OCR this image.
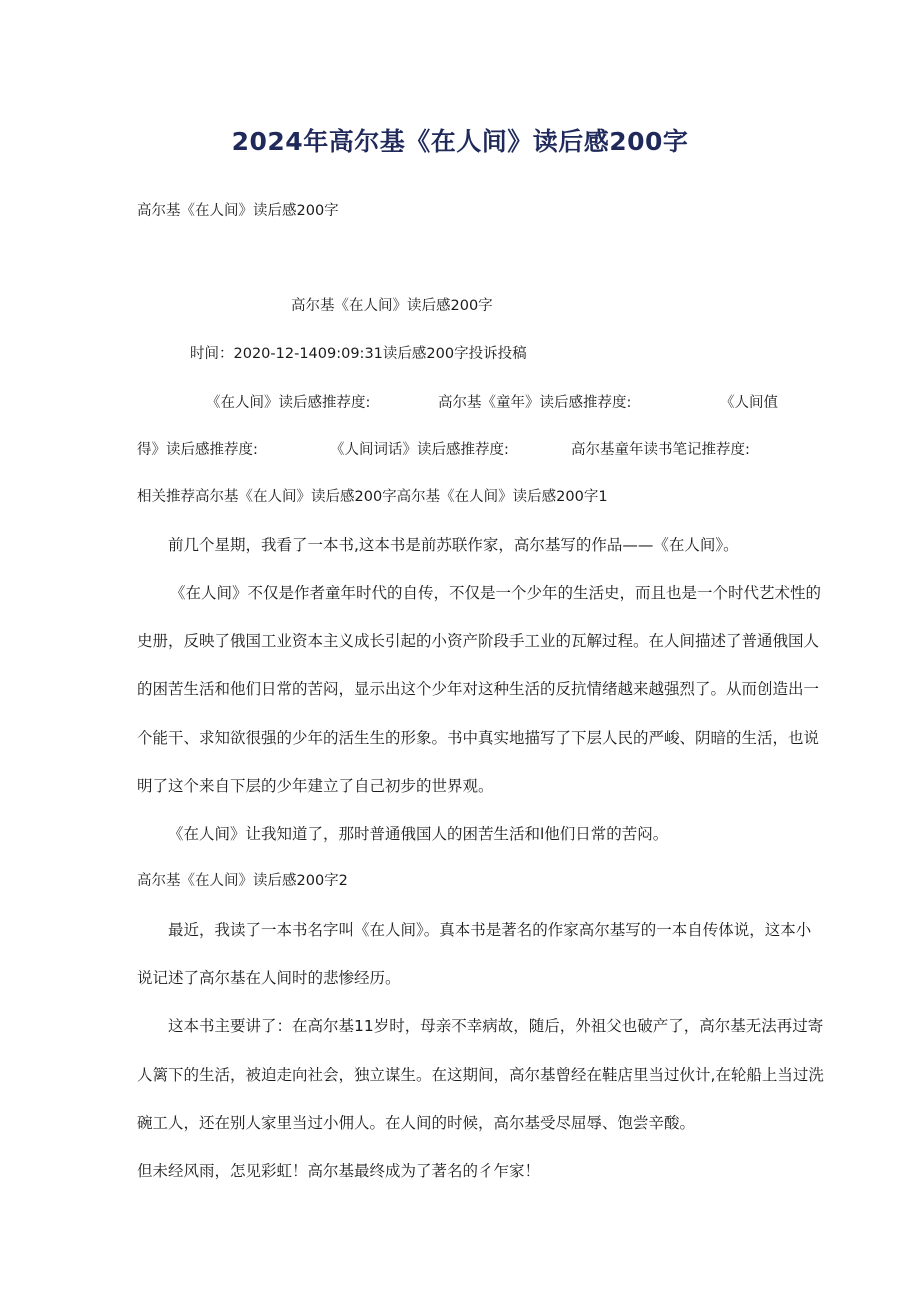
2024年高尔基《在人间》读后感200字
高尔基《在人间》读后感200字
高尔基《在人间》读后感200字
时间：2020-12-1409:09:31读后感200字投诉投稿
《在人间》读后感推荐度:	高尔基《童年》读后感推荐度:	《人间值
得》读后感推荐度:	《人间词话》读后感推荐度:	高尔基童年读书笔记推荐度:
相关推荐高尔基《在人间》读后感200字高尔基《在人间》读后感200字1
前几个星期，我看了一本书,这本书是前苏联作家，高尔基写的作品——《在人间》。
《在人间》不仅是作者童年时代的自传，不仅是一个少年的生活史，而且也是一个时代艺术性的
史册，反映了俄国工业资本主义成长引起的小资产阶段手工业的瓦解过程。在人间描述了普通俄国人
的困苦生活和他们日常的苦闷，显示出这个少年对这种生活的反抗情绪越来越强烈了。从而创造出一
个能干、求知欲很强的少年的活生生的形象。书中真实地描写了下层人民的严峻、阴暗的生活，也说
明了这个来自下层的少年建立了自己初步的世界观。
《在人间》让我知道了，那时普通俄国人的困苦生活和l他们日常的苦闷。
高尔基《在人间》读后感200字2
最近，我读了一本书名字叫《在人间》。真本书是著名的作家高尔基写的一本自传体说，这本小
说记述了高尔基在人间时的悲惨经历。
这本书主要讲了：在高尔基11岁时，母亲不幸病故，随后，外祖父也破产了，高尔基无法再过寄
人篱下的生活，被迫走向社会，独立谋生。在这期间，高尔基曾经在鞋店里当过伙计,在轮船上当过洗
碗工人，还在别人家里当过小佣人。在人间的时候，高尔基受尽屈辱、饱尝辛酸。
但未经风雨，怎见彩虹！高尔基最终成为了著名的彳乍家！
